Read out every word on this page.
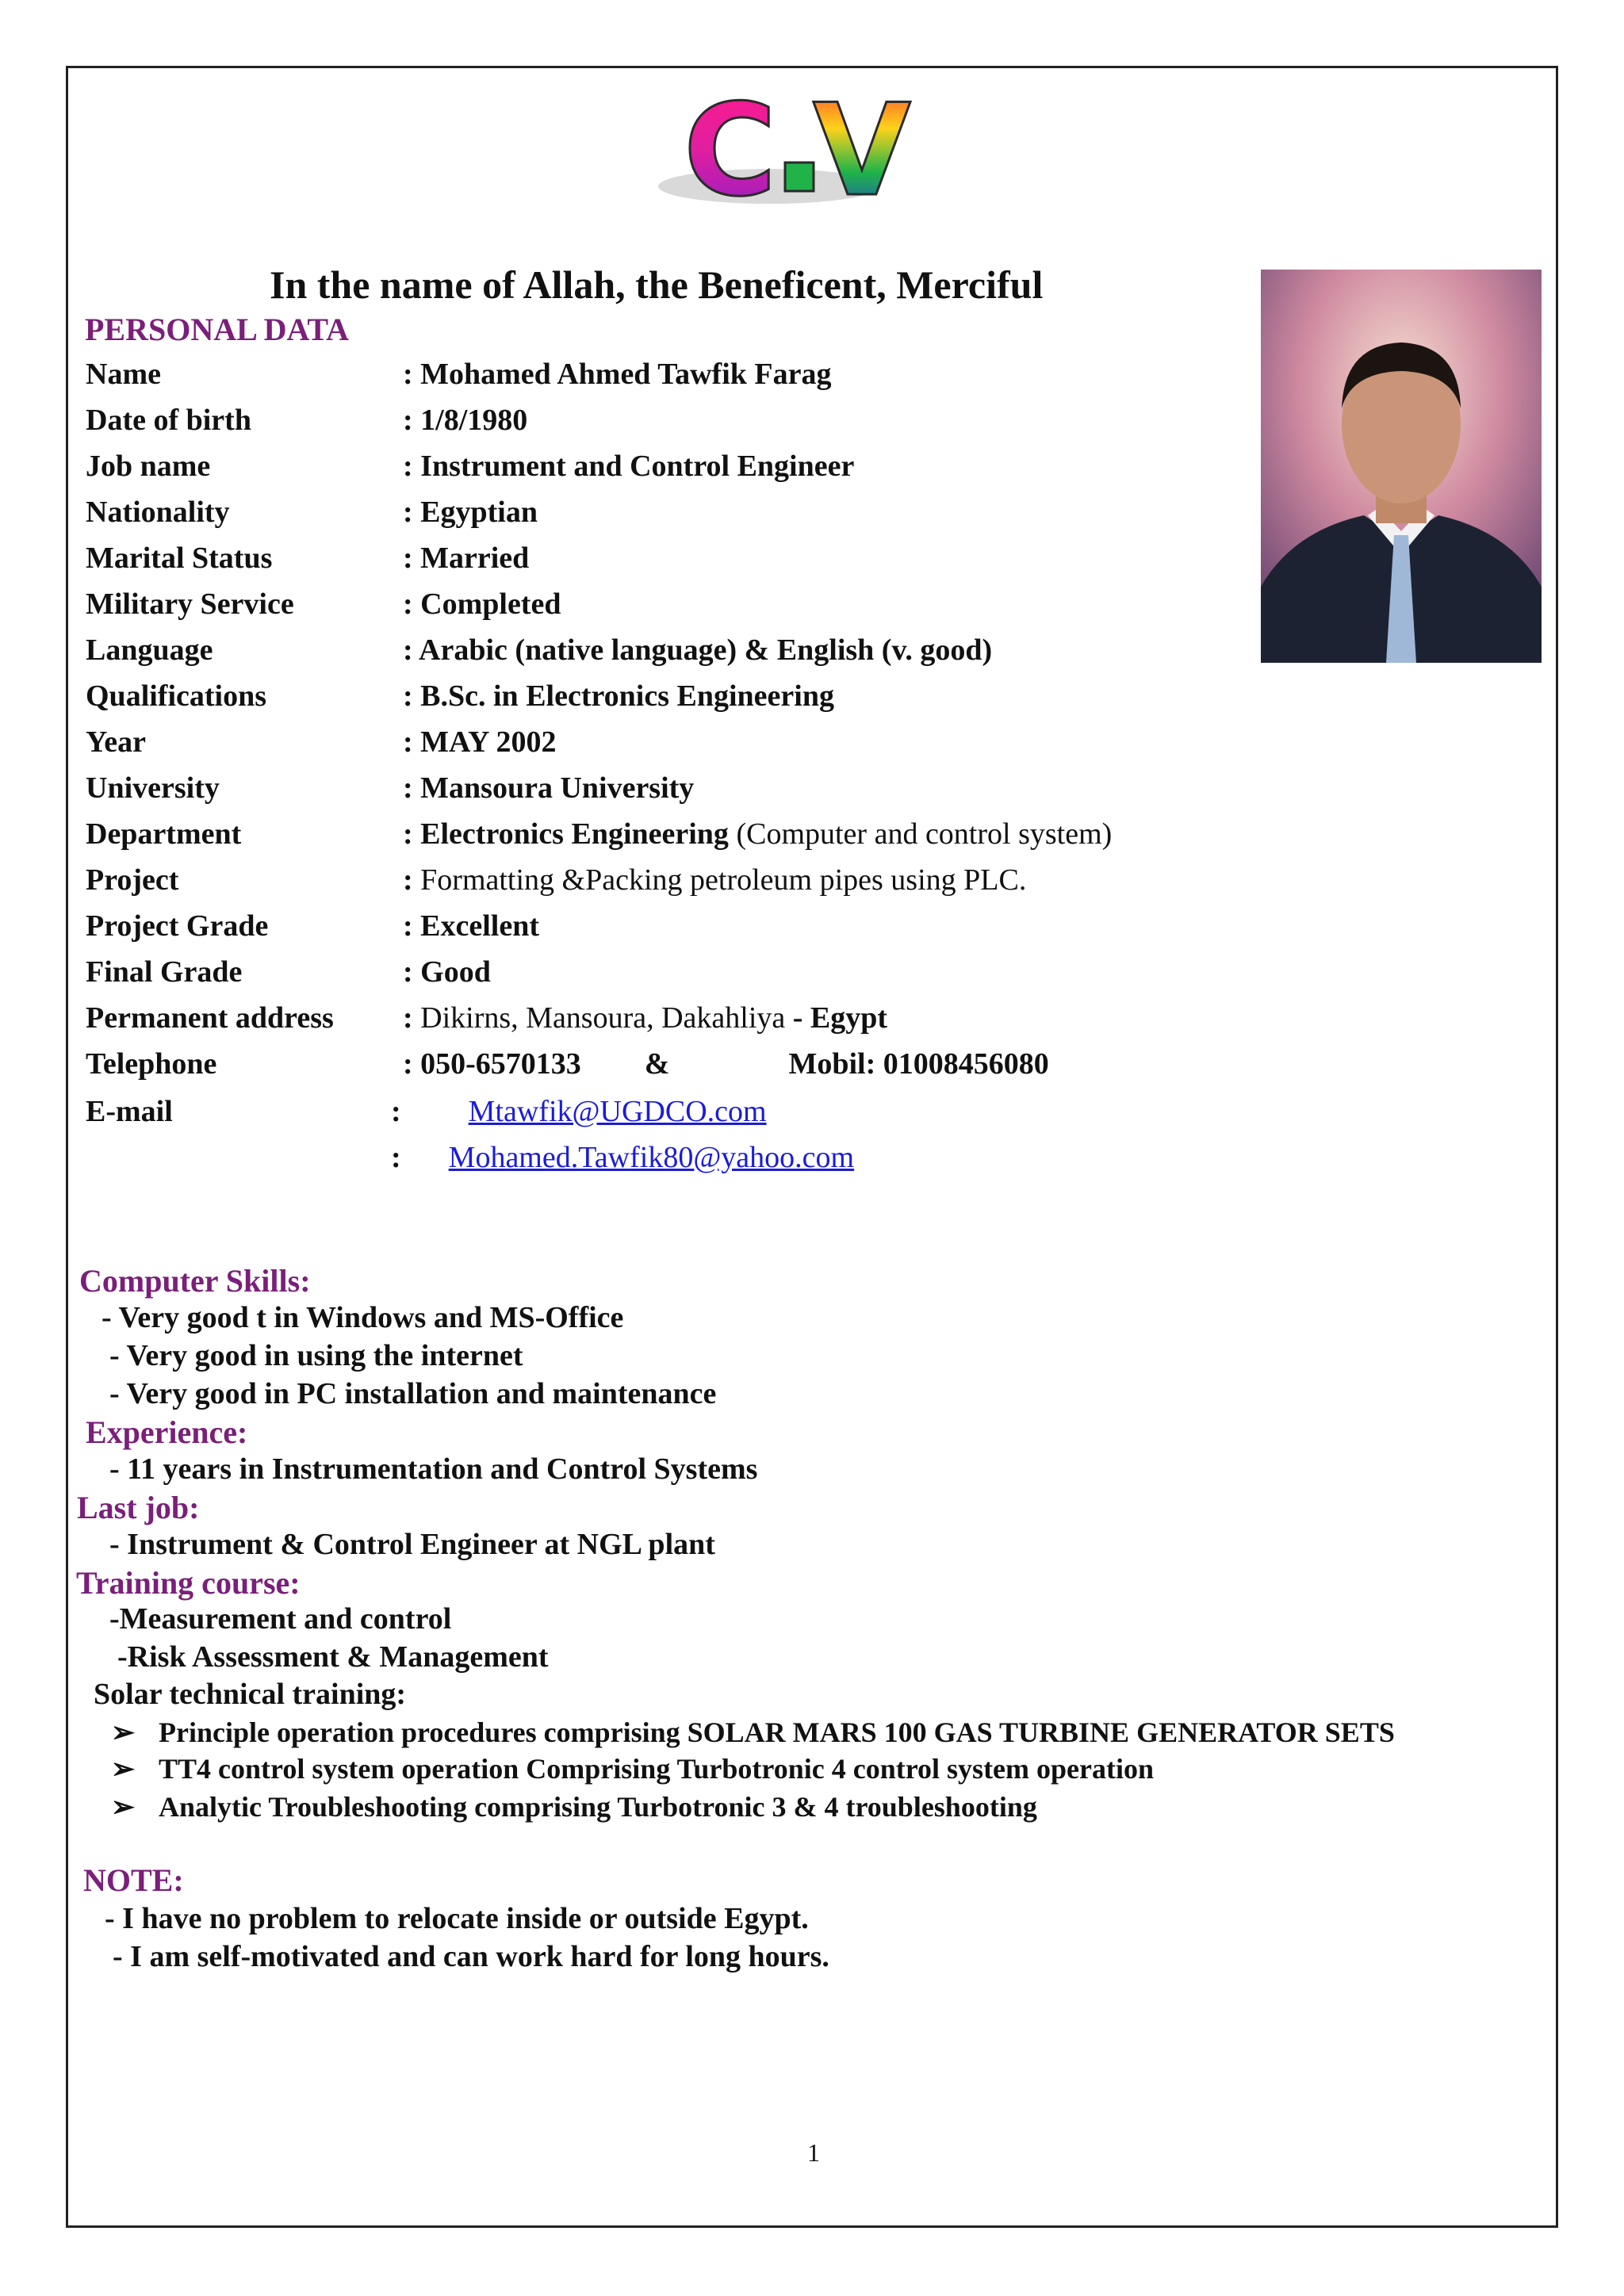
C V
In the name of Allah, the Beneficent, Merciful
PERSONAL DATA
Name	: Mohamed Ahmed Tawfik Farag
Date of birth	: 1/8/1980
Job name	: Instrument and Control Engineer
Nationality	: Egyptian
Marital Status	: Married
Military Service	: Completed
Language	: Arabic (native language) & English (v. good)
Qualifications	: B.Sc. in Electronics Engineering
Year	: MAY 2002
University	: Mansoura University
Department	: Electronics Engineering (Computer and control system)
Project	: Formatting &Packing petroleum pipes using PLC.
Project Grade	: Excellent
Final Grade	: Good
Permanent address : Dikirns, Mansoura, Dakahliya - Egypt
Telephone	: 050-6570133 &	Mobil: 01008456080
E-mail	: Mtawfik@UGDCO.com
: Mohamed.Tawfik80@yahoo.com
Computer Skills:
- Very good t in Windows and MS-Office
- Very good in using the internet
- Very good in PC installation and maintenance
Experience:
- 11 years in Instrumentation and Control Systems
Last job:
- Instrument & Control Engineer at NGL plant
Training course:
-Measurement and control
-Risk Assessment & Management
Solar technical training:
➢ Principle operation procedures comprising SOLAR MARS 100 GAS TURBINE GENERATOR SETS
➢ TT4 control system operation Comprising Turbotronic 4 control system operation
➢ Analytic Troubleshooting comprising Turbotronic 3 & 4 troubleshooting
NOTE:
- I have no problem to relocate inside or outside Egypt.
- I am self-motivated and can work hard for long hours.
1
